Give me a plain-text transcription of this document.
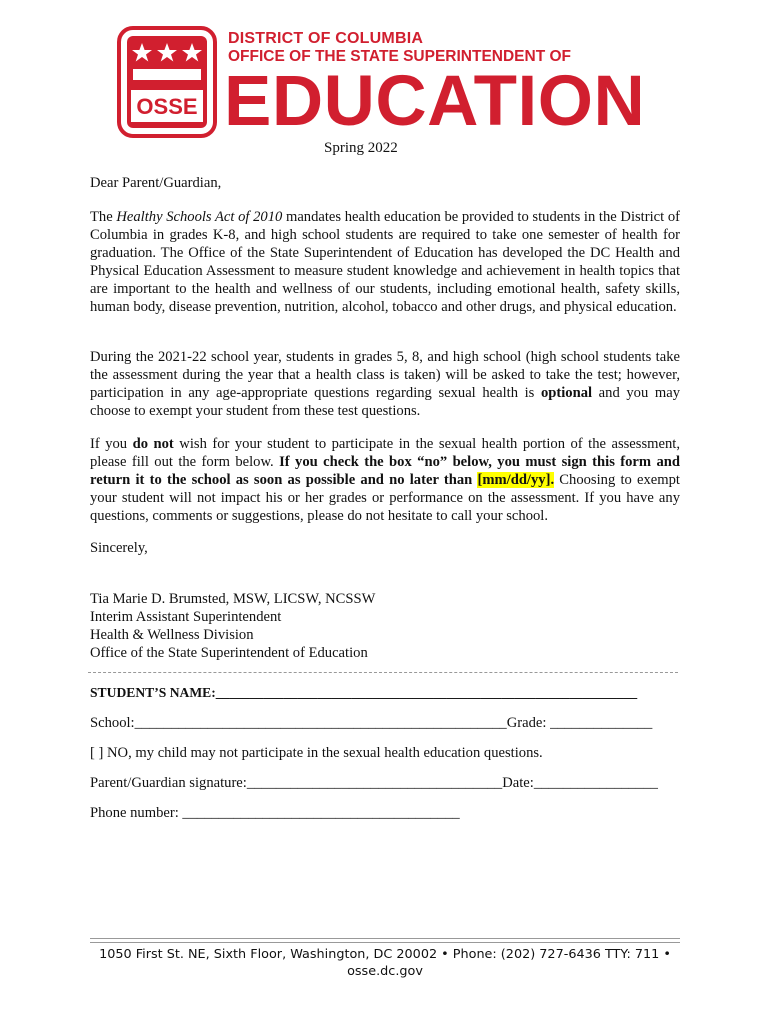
OSSE
DISTRICT OF COLUMBIA
OFFICE OF THE STATE SUPERINTENDENT OF
EDUCATION
Spring 2022
Dear Parent/Guardian,
The Healthy Schools Act of 2010 mandates health education be provided to students in the District of Columbia in grades K-8, and high school students are required to take one semester of health for graduation. The Office of the State Superintendent of Education has developed the DC Health and Physical Education Assessment to measure student knowledge and achievement in health topics that are important to the health and wellness of our students, including emotional health, safety skills, human body, disease prevention, nutrition, alcohol, tobacco and other drugs, and physical education.
During the 2021-22 school year, students in grades 5, 8, and high school (high school students take the assessment during the year that a health class is taken) will be asked to take the test; however, participation in any age-appropriate questions regarding sexual health is optional and you may choose to exempt your student from these test questions.
If you do not wish for your student to participate in the sexual health portion of the assessment, please fill out the form below. If you check the box “no” below, you must sign this form and return it to the school as soon as possible and no later than [mm/dd/yy]. Choosing to exempt your student will not impact his or her grades or performance on the assessment. If you have any questions, comments or suggestions, please do not hesitate to call your school.
Sincerely,
Tia Marie D. Brumsted, MSW, LICSW, NCSSW
Interim Assistant Superintendent
Health & Wellness Division
Office of the State Superintendent of Education
STUDENT’S NAME:______________________________________________________________
School:___________________________________________________Grade: ______________
[ ] NO, my child may not participate in the sexual health education questions.
Parent/Guardian signature:___________________________________Date:_________________
Phone number: ______________________________________
1050 First St. NE, Sixth Floor, Washington, DC 20002 • Phone: (202) 727-6436 TTY: 711 •
osse.dc.gov
